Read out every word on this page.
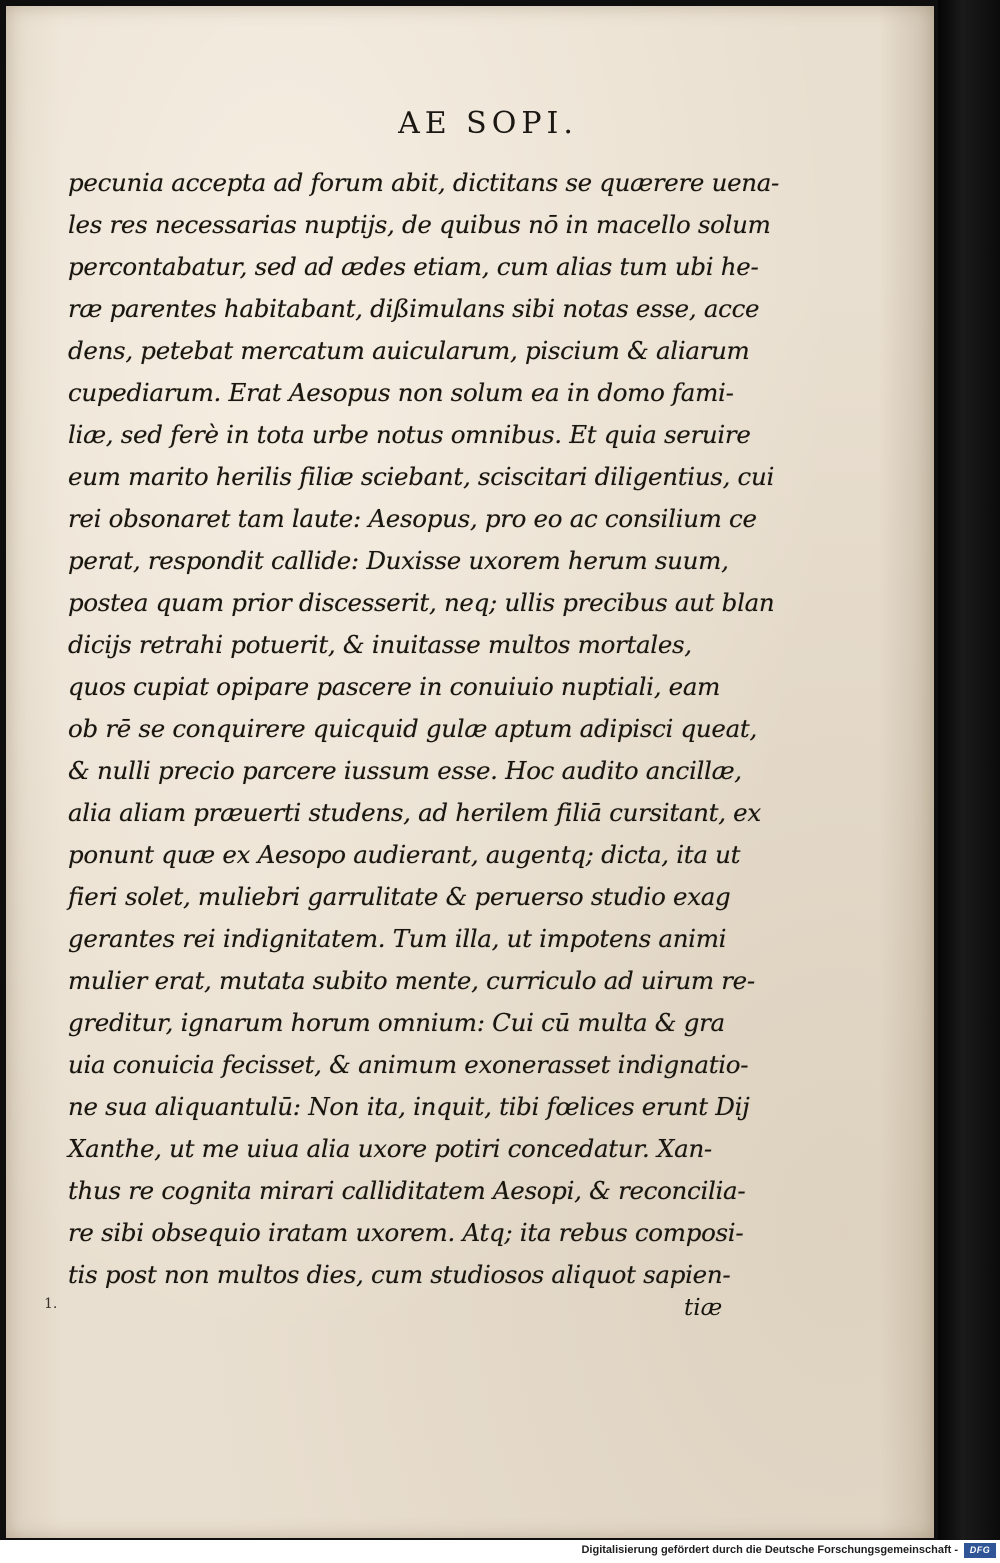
AE SOPI.
pecunia accepta ad forum abit, dictitans se quærere uena-
les res necessarias nuptijs, de quibus nō in macello solum
percontabatur, sed ad ædes etiam, cum alias tum ubi he-
ræ parentes habitabant, dißimulans sibi notas esse, acce
dens, petebat mercatum auicularum, piscium & aliarum
cupediarum. Erat Aesopus non solum ea in domo fami-
liæ, sed ferè in tota urbe notus omnibus. Et quia seruire
eum marito herilis filiæ sciebant, sciscitari diligentius, cui
rei obsonaret tam laute: Aesopus, pro eo ac consilium ce
perat, respondit callide: Duxisse uxorem herum suum,
postea quam prior discesserit, neq; ullis precibus aut blan
dicijs retrahi potuerit, & inuitasse multos mortales,
quos cupiat opipare pascere in conuiuio nuptiali, eam
ob rē se conquirere quicquid gulæ aptum adipisci queat,
& nulli precio parcere iussum esse. Hoc audito ancillæ,
alia aliam præuerti studens, ad herilem filiā cursitant, ex
ponunt quæ ex Aesopo audierant, augentq; dicta, ita ut
fieri solet, muliebri garrulitate & peruerso studio exag
gerantes rei indignitatem. Tum illa, ut impotens animi
mulier erat, mutata subito mente, curriculo ad uirum re-
greditur, ignarum horum omnium: Cui cū multa & gra
uia conuicia fecisset, & animum exonerasset indignatio-
ne sua aliquantulū: Non ita, inquit, tibi fœlices erunt Dij
Xanthe, ut me uiua alia uxore potiri concedatur. Xan-
thus re cognita mirari calliditatem Aesopi, & reconcilia-
re sibi obsequio iratam uxorem. Atq; ita rebus composi-
tis post non multos dies, cum studiosos aliquot sapien-
1.	tiæ
Digitalisierung gefördert durch die Deutsche Forschungsgemeinschaft -	DFG
